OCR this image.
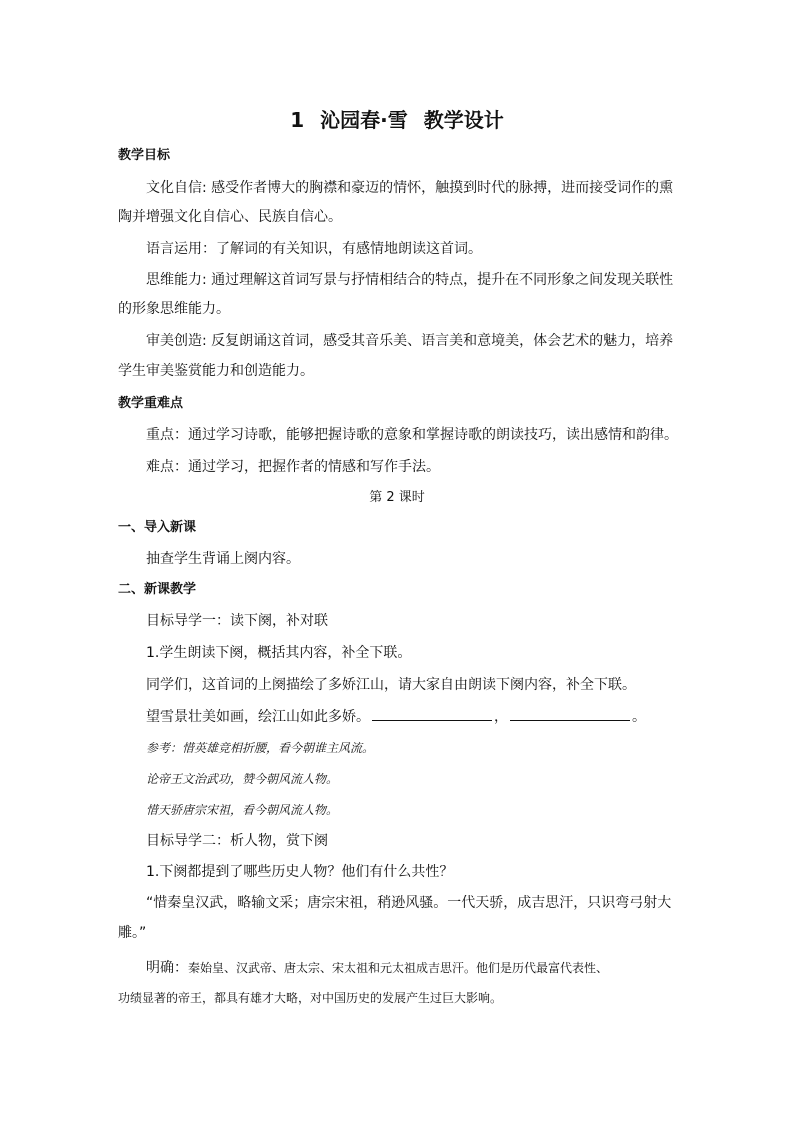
1 沁园春·雪 教学设计
教学目标
文化自信: 感受作者博大的胸襟和豪迈的情怀，触摸到时代的脉搏，进而接受词作的熏
陶并增强文化自信心、民族自信心。
语言运用：了解词的有关知识，有感情地朗读这首词。
思维能力: 通过理解这首词写景与抒情相结合的特点，提升在不同形象之间发现关联性
的形象思维能力。
审美创造: 反复朗诵这首词，感受其音乐美、语言美和意境美，体会艺术的魅力，培养
学生审美鉴赏能力和创造能力。
教学重难点
重点：通过学习诗歌，能够把握诗歌的意象和掌握诗歌的朗读技巧，读出感情和韵律。
难点：通过学习，把握作者的情感和写作手法。
第 2 课时
一、导入新课
抽查学生背诵上阕内容。
二、新课教学
目标导学一：读下阕，补对联
1.学生朗读下阕，概括其内容，补全下联。
同学们，这首词的上阕描绘了多娇江山，请大家自由朗读下阕内容，补全下联。
望雪景壮美如画，绘江山如此多娇。	，	。
参考：惜英雄竞相折腰，看今朝谁主风流。
论帝王文治武功，赞今朝风流人物。
惜天骄唐宗宋祖，看今朝风流人物。
目标导学二：析人物，赏下阕
1.下阕都提到了哪些历史人物？他们有什么共性？
“惜秦皇汉武，略输文采；唐宗宋祖，稍逊风骚。一代天骄，成吉思汗，只识弯弓射大
雕。”
明确：秦始皇、汉武帝、唐太宗、宋太祖和元太祖成吉思汗。他们是历代最富代表性、
功绩显著的帝王，都具有雄才大略，对中国历史的发展产生过巨大影响。
